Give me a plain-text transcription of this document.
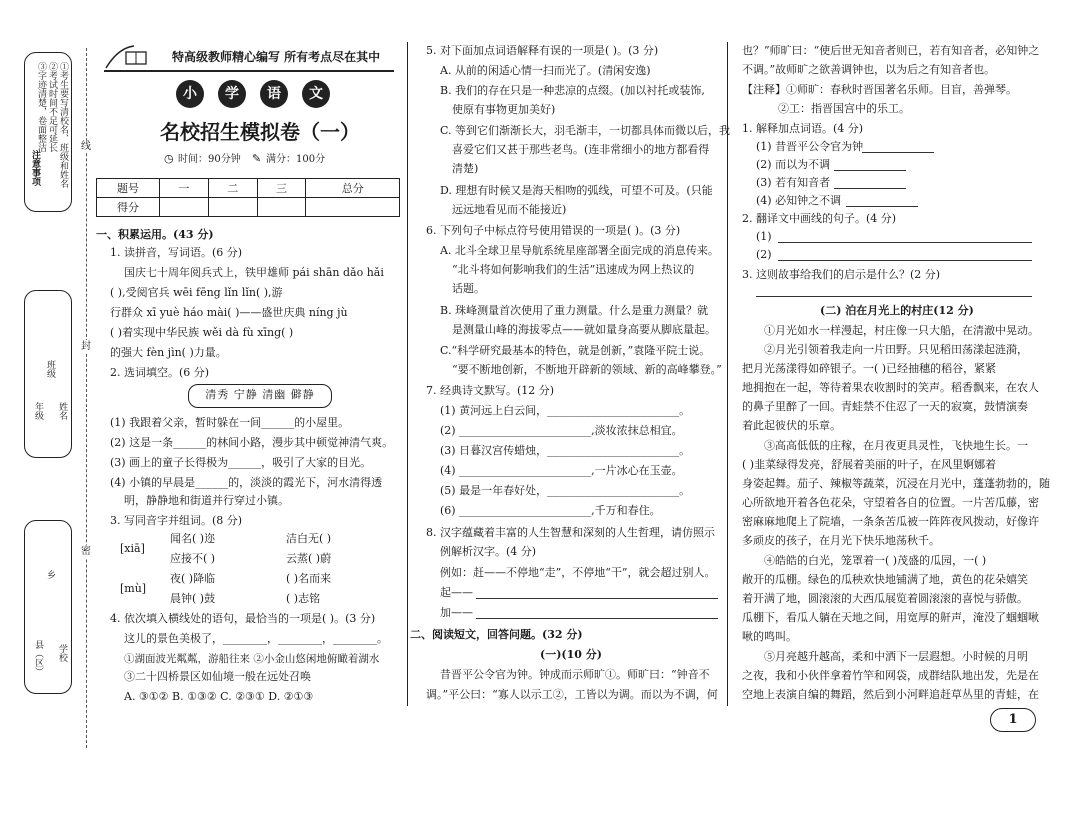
注意事项 ①考生要写清校名、班级和姓名
②考试时间不足可延长
③字迹清楚，卷面整洁	线
封
密
班级
年级 姓名
乡
县（区） 学校
特高级教师精心编写 所有考点尽在其中
小	学	语	文
名校招生模拟卷（一）
◷ 时间：90分钟 ✎ 满分：100分
题号	一	二	三	总分
得分				
一、积累运用。(43 分)
1. 读拼音，写词语。(6 分)
国庆七十周年阅兵式上，铁甲雄师 pái shān dǎo hǎi
( ),受阅官兵 wēi fēng lǐn lǐn( ),游
行群众 xī yuè háo mài( )——盛世庆典 níng jù
( )着实现中华民族 wěi dà fù xīng( )
的强大 fèn jìn( )力量。
2. 选词填空。(6 分)
清秀 宁静 清幽 僻静
(1) 我跟着父亲，暂时躲在一间______的小屋里。
(2) 这是一条______的林间小路，漫步其中顿觉神清气爽。
(3) 画上的童子长得极为______，吸引了大家的目光。
(4) 小镇的早晨是______的，淡淡的霞光下，河水清得透
明，静静地和街道并行穿过小镇。
3. 写同音字并组词。(8 分)
[xiā]
闻名( )迩	洁白无( )
应接不( )	云蒸( )蔚
[mù]
夜( )降临	( )名而来
晨钟( )鼓	( )志铭
4. 依次填入横线处的语句，最恰当的一项是( )。(3 分)
这儿的景色美极了，________，________，________。
①湖面波光粼粼，游船往来 ②小金山悠闲地俯瞰着湖水
③二十四桥景区如仙境一般在远处召唤
A. ③①② B. ①③② C. ②③① D. ②①③
5. 对下面加点词语解释有误的一项是( )。(3 分)
A. 从前的闲适心情一扫而光了。(清闲安逸)
B. 我们的存在只是一种悲凉的点缀。(加以衬托或装饰,
使原有事物更加美好)
C. 等到它们渐渐长大，羽毛渐丰，一切都具体而微以后，我
喜爱它们又甚于那些老鸟。(连非常细小的地方都看得
清楚)
D. 理想有时候又是海天相吻的弧线，可望不可及。(只能
远远地看见而不能接近)
6. 下列句子中标点符号使用错误的一项是( )。(3 分)
A. 北斗全球卫星导航系统星座部署全面完成的消息传来。
“北斗将如何影响我们的生活”迅速成为网上热议的
话题。
B. 珠峰测量首次使用了重力测量。什么是重力测量？就
是测量山峰的海拔零点——就如量身高要从脚底量起。
C.“科学研究最基本的特色，就是创新，”袁隆平院士说。
“要不断地创新，不断地开辟新的领域、新的高峰攀登。”
7. 经典诗文默写。(12 分)
(1) 黄河远上白云间，________________________。
(2) ________________________,淡妆浓抹总相宜。
(3) 日暮汉宫传蜡烛，________________________。
(4) ________________________,一片冰心在玉壶。
(5) 最是一年春好处，________________________。
(6) ________________________,千万和春住。
8. 汉字蕴藏着丰富的人生智慧和深刻的人生哲理，请仿照示
例解析汉字。(4 分)
例如：赶——不停地“走”，不停地“干”，就会超过别人。
起——
加——
二、阅读短文，回答问题。(32 分)
(一)(10 分)
昔晋平公令官为钟。钟成而示师旷①。师旷曰：“钟音不
调。”平公曰：“寡人以示工②，工皆以为调。而以为不调，何
也？”师旷曰：“使后世无知音者则已，若有知音者，必知钟之
不调。”故师旷之欲善调钟也，以为后之有知音者也。
【注释】①师旷：春秋时晋国著名乐师。目盲，善弹琴。
②工：指晋国宫中的乐工。
1. 解释加点词语。(4 分)
(1) 昔晋平公令官为钟
(2) 而以为不调
(3) 若有知音者
(4) 必知钟之不调
2. 翻译文中画线的句子。(4 分)
(1)
(2)
3. 这则故事给我们的启示是什么？(2 分)
(二) 泊在月光上的村庄(12 分)
①月光如水一样漫起，村庄像一只大船，在清澈中晃动。
②月光引领着我走向一片田野。只见稻田荡漾起涟漪，
把月光荡漾得如碎银子。一( )已经抽穗的稻谷，紧紧
地拥抱在一起，等待着果农收割时的笑声。稻香飘来，在农人
的鼻子里醉了一回。青蛙禁不住忍了一天的寂寞，鼓情演奏
着此起彼伏的乐章。
③高高低低的庄稼，在月夜更具灵性，飞快地生长。一
( )韭菜绿得发亮，舒展着美丽的叶子，在风里婀娜着
身姿起舞。茄子、辣椒等蔬菜，沉浸在月光中，蓬蓬勃勃的，随
心所欲地开着各色花朵，守望着各自的位置。一片苦瓜藤，密
密麻麻地爬上了院墙，一条条苦瓜被一阵阵夜风拨动，好像许
多顽皮的孩子，在月光下快乐地荡秋千。
④皓皓的白光，笼罩着一( )茂盛的瓜园，一( )
敞开的瓜棚。绿色的瓜秧欢快地铺满了地，黄色的花朵嬉笑
着开满了地，圆滚滚的大西瓜展览着圆滚滚的喜悦与骄傲。
瓜棚下，看瓜人躺在天地之间，用宽厚的鼾声，淹没了蝈蝈啾
啾的鸣叫。
⑤月亮越升越高，柔和中洒下一层遐想。小时候的月明
之夜，我和小伙伴拿着竹竿和网袋，成群结队地出发，先是在
空地上表演自编的舞蹈，然后到小河畔追赶草丛里的青蛙，在
1
